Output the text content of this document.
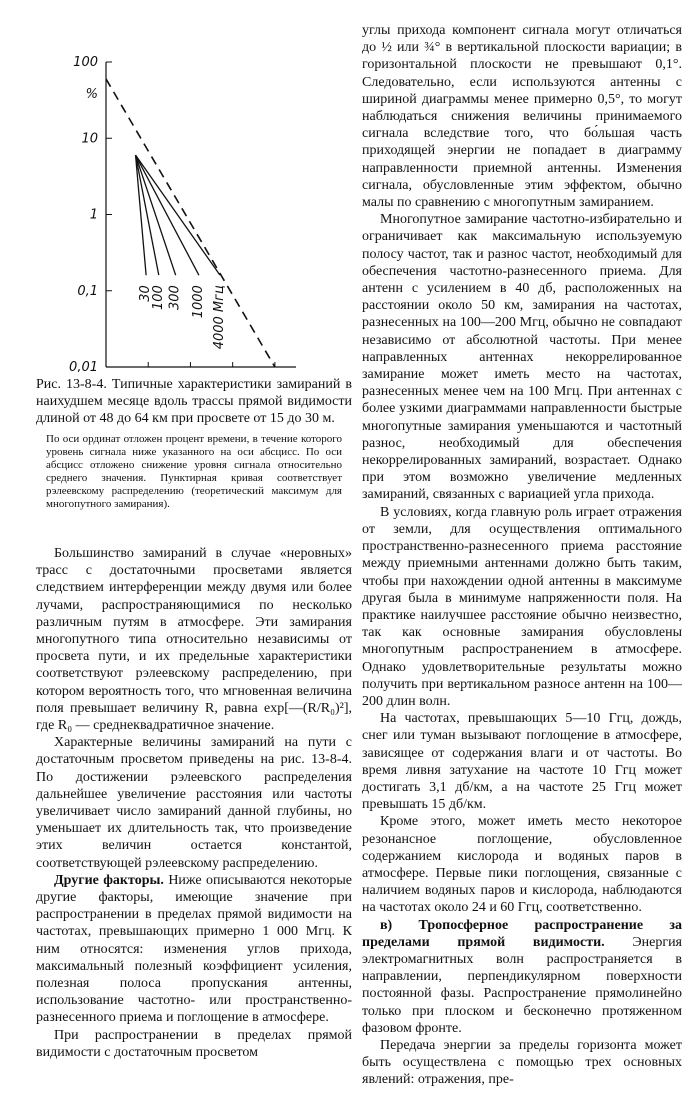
100
%
10
1
0,1
0,01
30
100 300 1000 4000 Мгц
Рис. 13-8-4. Типичные характеристики замираний в наихудшем месяце вдоль трассы прямой видимости длиной от 48 до 64 км при просвете от 15 до 30 м.
По оси ординат отложен процент времени, в течение которого уровень сигнала ниже указанного на оси абсцисс. По оси абсцисс отложено снижение уровня сигнала относительно среднего значения. Пунктирная кривая соответствует рэлеевскому распределению (теоретический максимум для многопутного замирания).

Большинство замираний в случае «неровных» трасс с достаточными просветами является следствием интерференции между двумя или более лучами, распространяющимися по несколько различным путям в атмосфере. Эти замирания многопутного типа относительно независимы от просвета пути, и их предельные характеристики соответствуют рэлеевскому распределению, при котором вероятность того, что мгновенная величина поля превышает величину R, равна exp[—(R/R₀)²], где R₀ — среднеквадратичное значение.

Характерные величины замираний на пути с достаточным просветом приведены на рис. 13-8-4. По достижении рэлеевского распределения дальнейшее увеличение расстояния или частоты увеличивает число замираний данной глубины, но уменьшает их длительность так, что произведение этих величин остается константой, соответствующей рэлеевскому распределению.

Другие факторы. Ниже описываются некоторые другие факторы, имеющие значение при распространении в пределах прямой видимости на частотах, превышающих примерно 1 000 Мгц. К ним относятся: изменения углов прихода, максимальный полезный коэффициент усиления, полезная полоса пропускания антенны, использование частотно- или пространственно-разнесенного приема и поглощение в атмосфере.

При распространении в пределах прямой видимости с достаточным просветом

углы прихода компонент сигнала могут отличаться до ½ или ¾° в вертикальной плоскости вариации; в горизонтальной плоскости не превышают 0,1°. Следовательно, если используются антенны с шириной диаграммы менее примерно 0,5°, то могут наблюдаться снижения величины принимаемого сигнала вследствие того, что бо́льшая часть приходящей энергии не попадает в диаграмму направленности приемной антенны. Изменения сигнала, обусловленные этим эффектом, обычно малы по сравнению с многопутным замиранием.

Многопутное замирание частотно-избирательно и ограничивает как максимальную используемую полосу частот, так и разнос частот, необходимый для обеспечения частотно-разнесенного приема. Для антенн с усилением в 40 дб, расположенных на расстоянии около 50 км, замирания на частотах, разнесенных на 100—200 Мгц, обычно не совпадают независимо от абсолютной частоты. При менее направленных антеннах некоррелированное замирание может иметь место на частотах, разнесенных менее чем на 100 Мгц. При антеннах с более узкими диаграммами направленности быстрые многопутные замирания уменьшаются и частотный разнос, необходимый для обеспечения некоррелированных замираний, возрастает. Однако при этом возможно увеличение медленных замираний, связанных с вариацией угла прихода.

В условиях, когда главную роль играет отражения от земли, для осуществления оптимального пространственно-разнесенного приема расстояние между приемными антеннами должно быть таким, чтобы при нахождении одной антенны в максимуме другая была в минимуме напряженности поля. На практике наилучшее расстояние обычно неизвестно, так как основные замирания обусловлены многопутным распространением в атмосфере. Однако удовлетворительные результаты можно получить при вертикальном разносе антенн на 100—200 длин волн.

На частотах, превышающих 5—10 Ггц, дождь, снег или туман вызывают поглощение в атмосфере, зависящее от содержания влаги и от частоты. Во время ливня затухание на частоте 10 Ггц может достигать 3,1 дб/км, а на частоте 25 Ггц может превышать 15 дб/км.

Кроме этого, может иметь место некоторое резонансное поглощение, обусловленное содержанием кислорода и водяных паров в атмосфере. Первые пики поглощения, связанные с наличием водяных паров и кислорода, наблюдаются на частотах около 24 и 60 Ггц, соответственно.

в) Тропосферное распространение за пределами прямой видимости. Энергия электромагнитных волн распространяется в направлении, перпендикулярном поверхности постоянной фазы. Распространение прямолинейно только при плоском и бесконечно протяженном фазовом фронте.

Передача энергии за пределы горизонта может быть осуществлена с помощью трех основных явлений: отражения, пре-
